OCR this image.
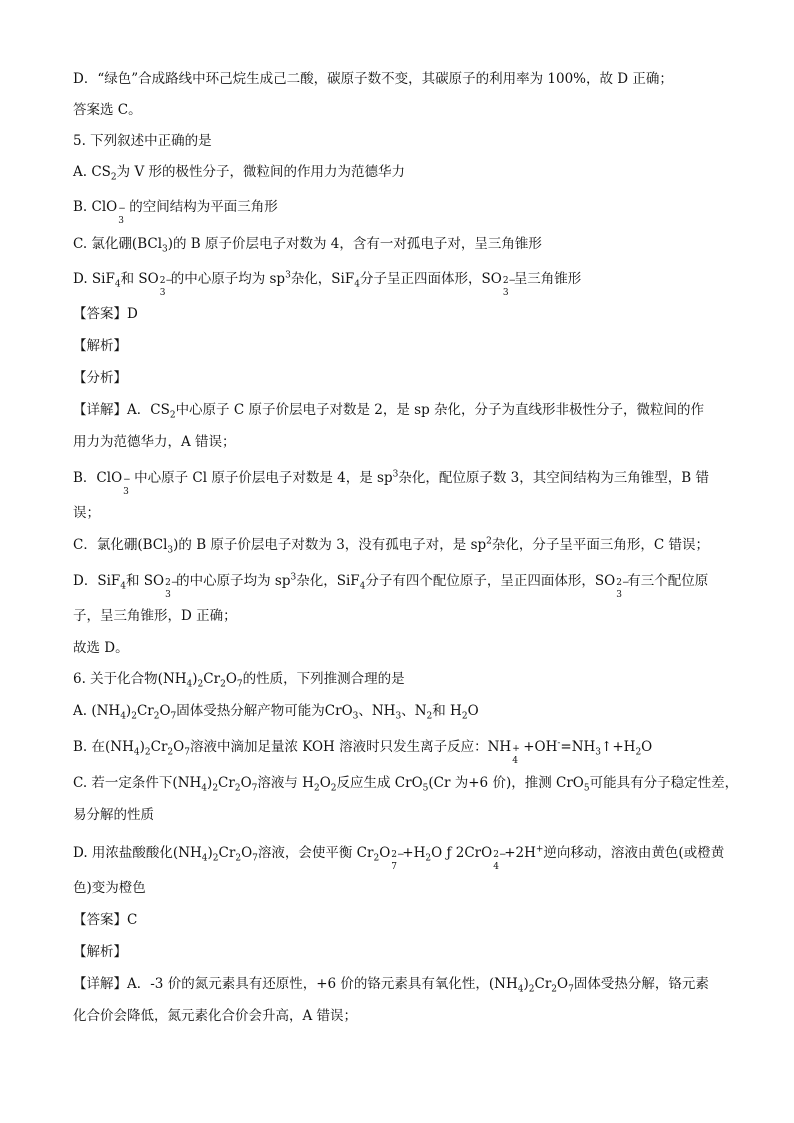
D．“绿色”合成路线中环己烷生成己二酸，碳原子数不变，其碳原子的利用率为 100%，故 D 正确；
答案选 C。
5. 下列叙述中正确的是
A. $CS_2$为 V 形的极性分子，微粒间的作用力为范德华力
B. ClO −
3
的空间结构为平面三角形
C. 氯化硼(BCl$_3$)的 B 原子价层电子对数为 4，含有一对孤电子对，呈三角锥形
D. SiF$_4$和 SO 2−
3
的中心原子均为 $sp^3$杂化，SiF$_4$分子呈正四面体形，SO 2−
3
呈三角锥形
【答案】D
【解析】
【分析】
【详解】A．$CS_2$中心原子 C 原子价层电子对数是 2，是 sp 杂化，分子为直线形非极性分子，微粒间的作
用力为范德华力，A 错误；
B．ClO −
3
中心原子 Cl 原子价层电子对数是 4，是 $sp^3$杂化，配位原子数 3，其空间结构为三角锥型，B 错
误；
C．氯化硼(BCl$_3$)的 B 原子价层电子对数为 3，没有孤电子对，是 $sp^2$杂化，分子呈平面三角形，C 错误；
D．SiF$_4$和 SO 2−
3
的中心原子均为 $sp^3$杂化，SiF$_4$分子有四个配位原子，呈正四面体形，SO 2−
3
有三个配位原
子，呈三角锥形，D 正确；
故选 D。
6. 关于化合物$(NH_4)_2Cr_2O_7$的性质，下列推测合理的是
A. $(NH_4)_2Cr_2O_7$固体受热分解产物可能为CrO$_3$、$NH_3$、$N_2$和 $H_2O$
B. 在$(NH_4)_2Cr_2O_7$溶液中滴加足量浓 KOH 溶液时只发生离子反应：NH +
4
$+OH^-=NH_3↑+H_2O$
C. 若一定条件下$(NH_4)_2Cr_2O_7$溶液与 $H_2O_2$反应生成 CrO$_5$(Cr 为+6 价)，推测 CrO$_5$可能具有分子稳定性差，
易分解的性质
D. 用浓盐酸酸化$(NH_4)_2Cr_2O_7$溶液，会使平衡 $Cr_2O$ 2−
7
$+H_2O$ ƒ 2CrO 2−
4
+2H+逆向移动，溶液由黄色(或橙黄
色)变为橙色
【答案】C
【解析】
【详解】A．-3 价的氮元素具有还原性，+6 价的铬元素具有氧化性，$(NH_4)_2Cr_2O_7$固体受热分解，铬元素
化合价会降低，氮元素化合价会升高，A 错误；
